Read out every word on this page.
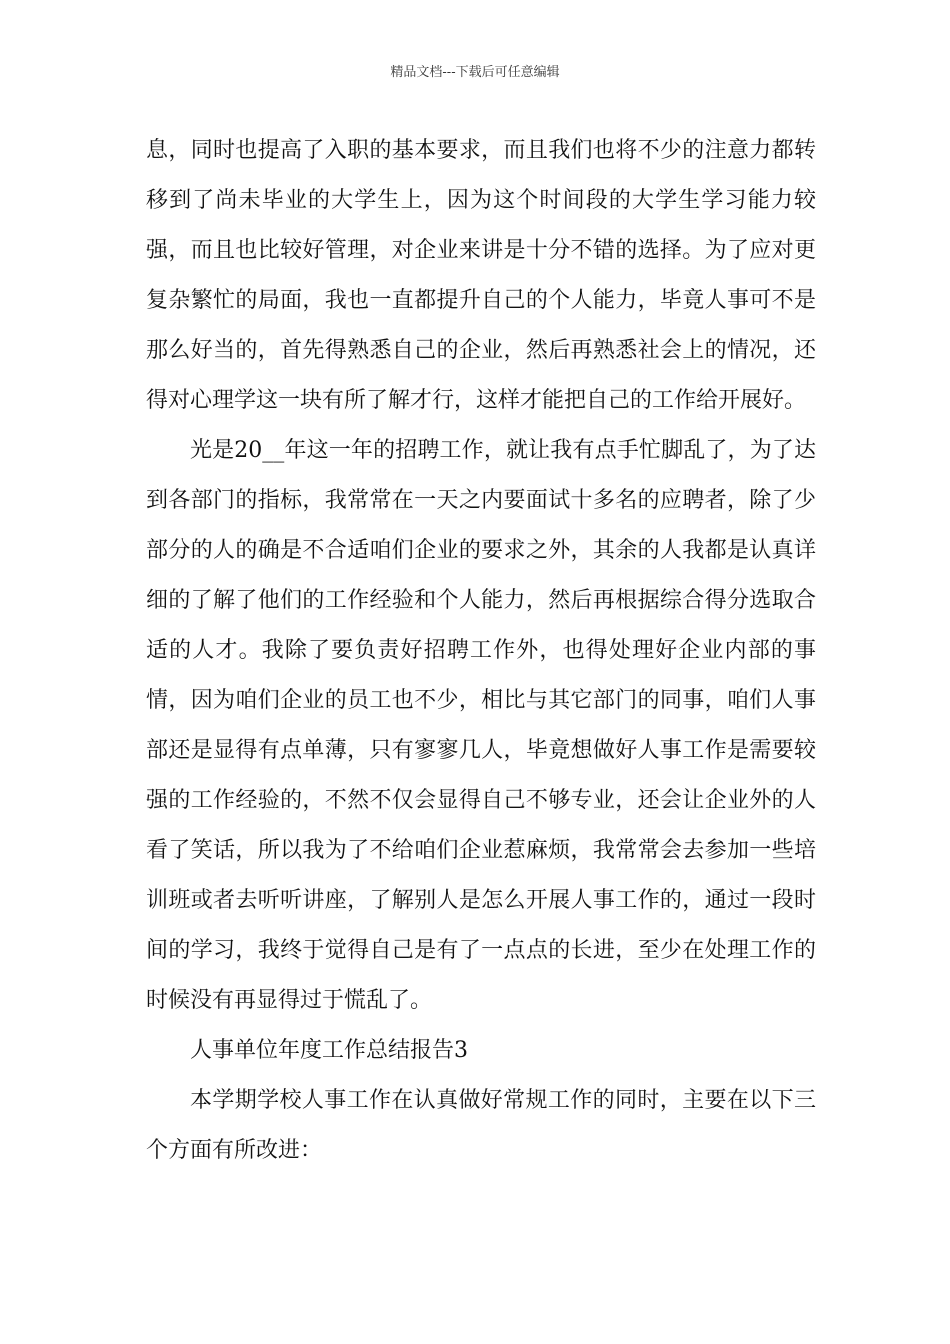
精品文档---下载后可任意编辑

息，同时也提高了入职的基本要求，而且我们也将不少的注意力都转移到了尚未毕业的大学生上，因为这个时间段的大学生学习能力较强，而且也比较好管理，对企业来讲是十分不错的选择。为了应对更复杂繁忙的局面，我也一直都提升自己的个人能力，毕竟人事可不是那么好当的，首先得熟悉自己的企业，然后再熟悉社会上的情况，还得对心理学这一块有所了解才行，这样才能把自己的工作给开展好。

光是20__年这一年的招聘工作，就让我有点手忙脚乱了，为了达到各部门的指标，我常常在一天之内要面试十多名的应聘者，除了少部分的人的确是不合适咱们企业的要求之外，其余的人我都是认真详细的了解了他们的工作经验和个人能力，然后再根据综合得分选取合适的人才。我除了要负责好招聘工作外，也得处理好企业内部的事情，因为咱们企业的员工也不少，相比与其它部门的同事，咱们人事部还是显得有点单薄，只有寥寥几人，毕竟想做好人事工作是需要较强的工作经验的，不然不仅会显得自己不够专业，还会让企业外的人看了笑话，所以我为了不给咱们企业惹麻烦，我常常会去参加一些培训班或者去听听讲座，了解别人是怎么开展人事工作的，通过一段时间的学习，我终于觉得自己是有了一点点的长进，至少在处理工作的时候没有再显得过于慌乱了。

人事单位年度工作总结报告3

本学期学校人事工作在认真做好常规工作的同时，主要在以下三个方面有所改进：
